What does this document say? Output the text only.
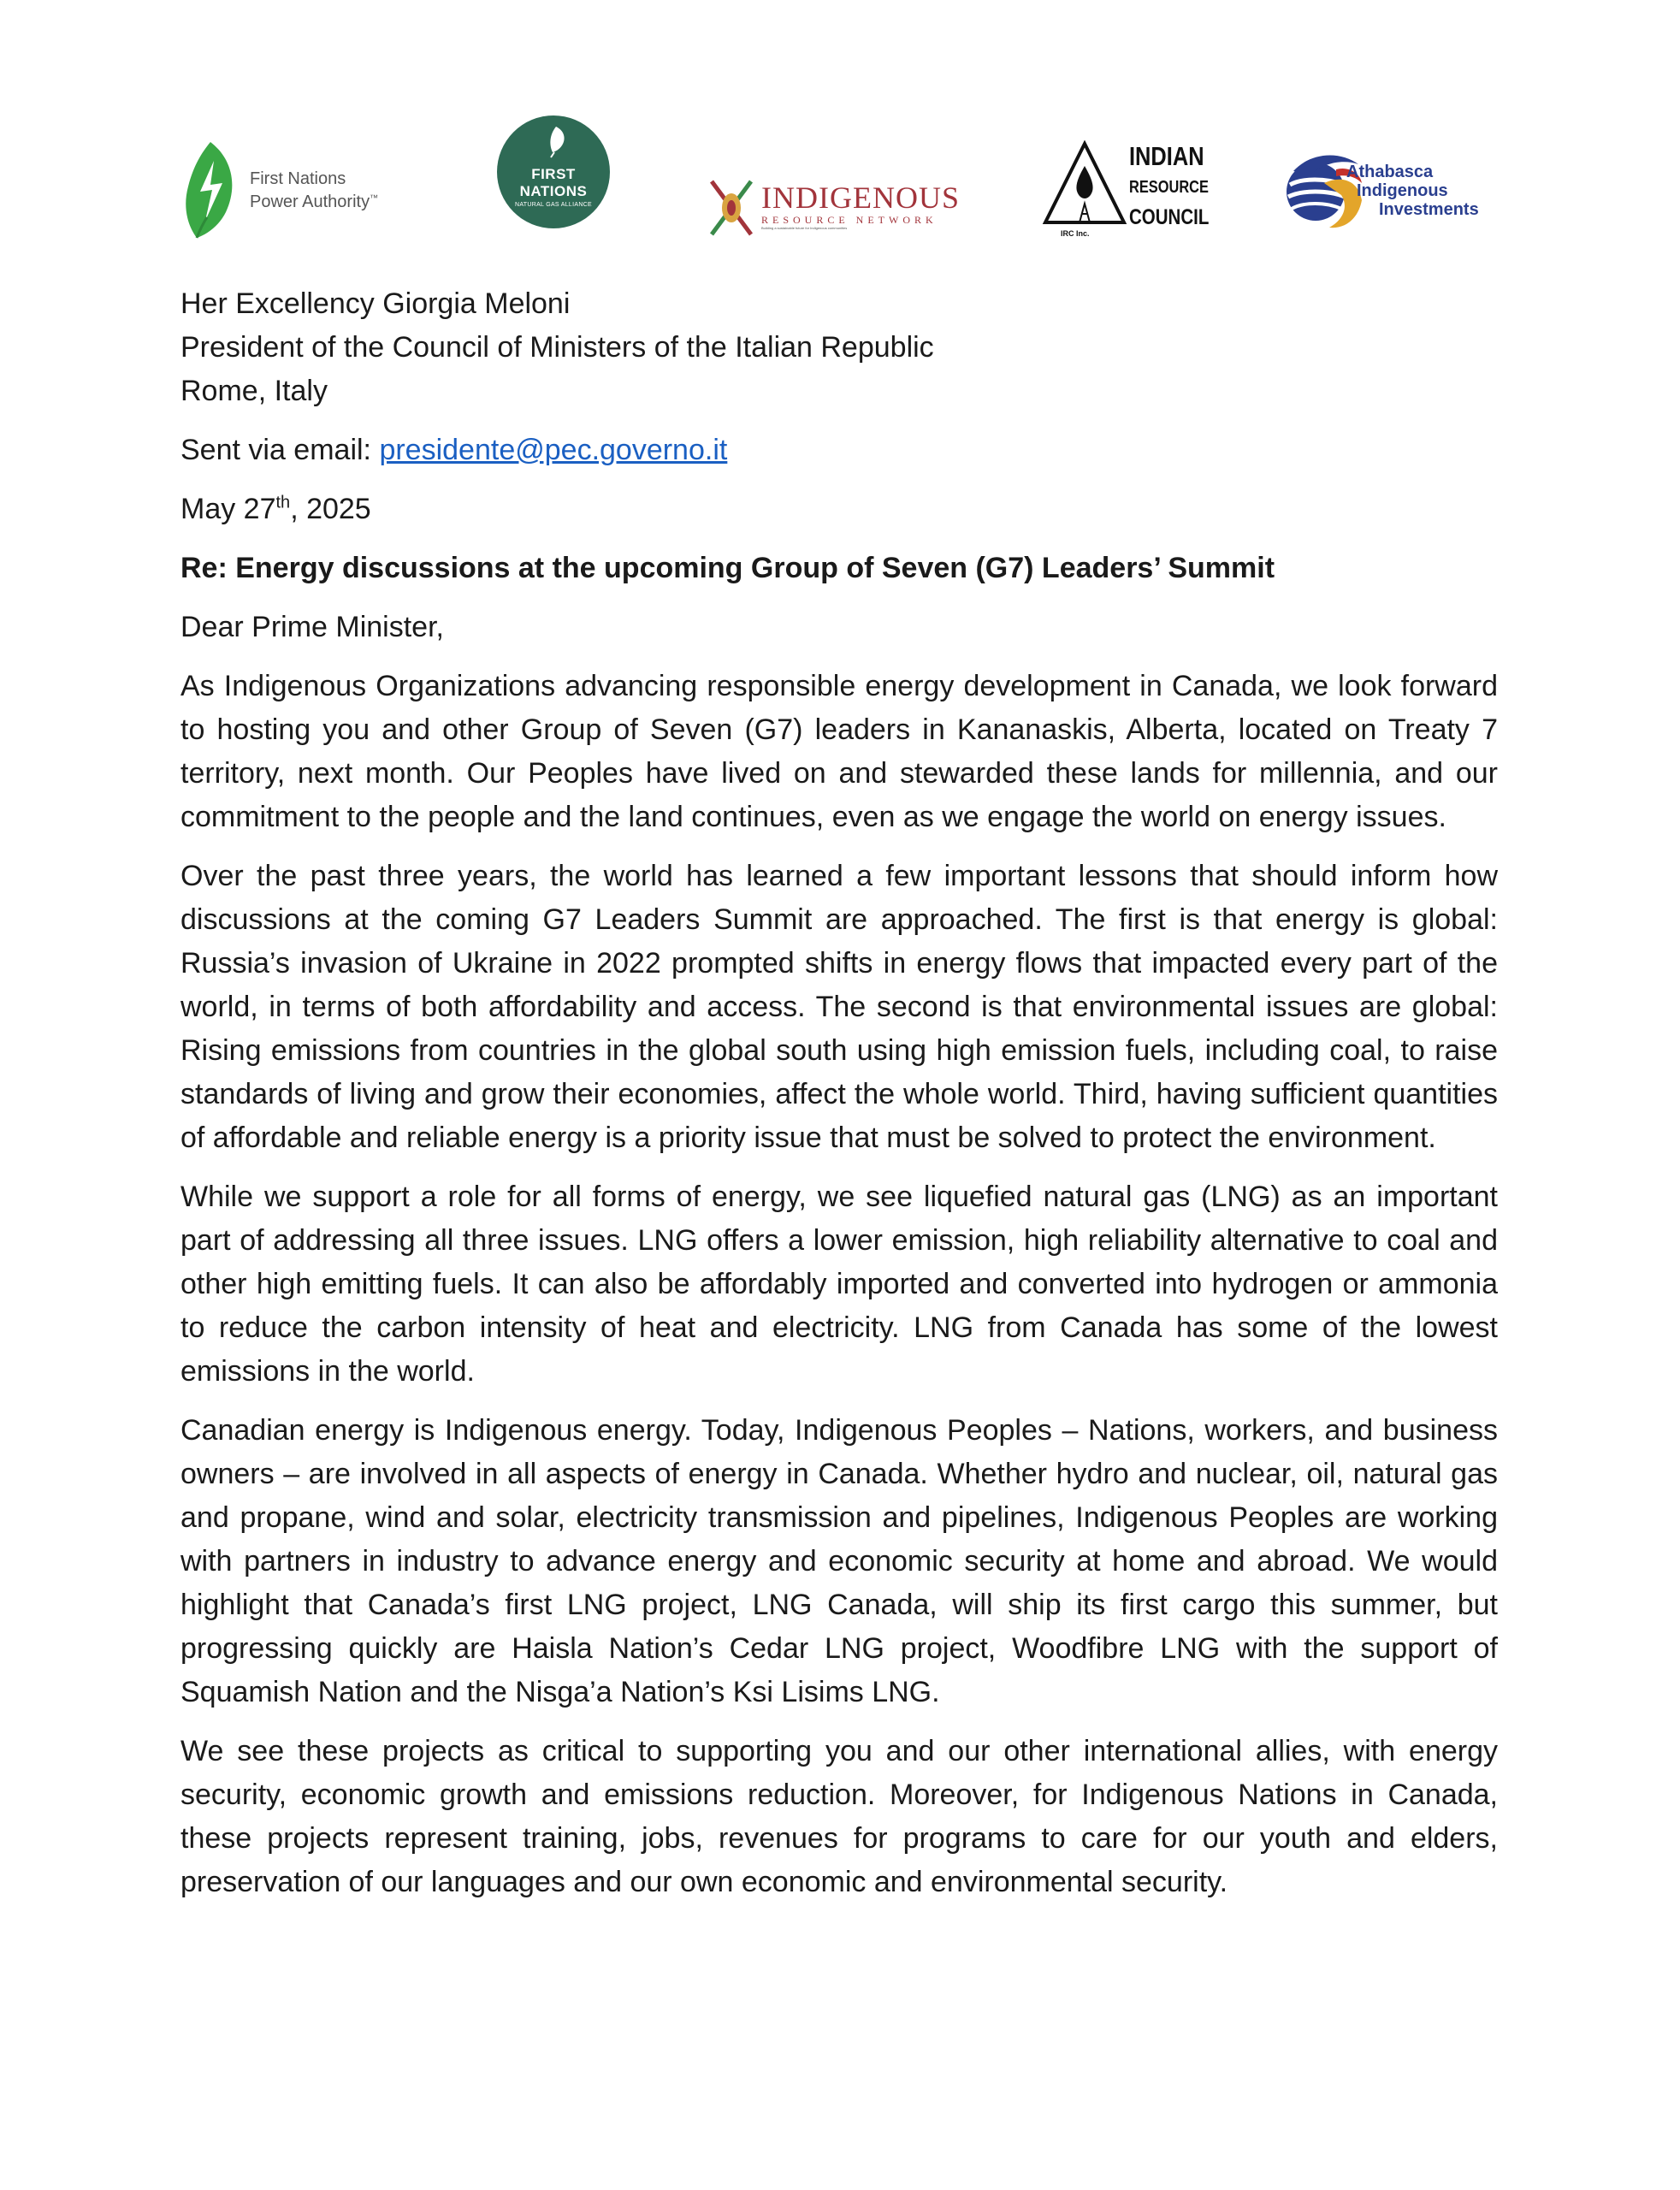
First Nations
Power Authority™
FIRST NATIONS
NATURAL GAS ALLIANCE	INDIGENOUS
RESOURCE NETWORK
Building a sustainable future for Indigenous communities
IRC Inc.
INDIAN
RESOURCE
COUNCIL
Athabasca
Indigenous
Investments

Her Excellency Giorgia Meloni

President of the Council of Ministers of the Italian Republic

Rome, Italy

Sent via email: presidente@pec.governo.it

May 27th, 2025

Re: Energy discussions at the upcoming Group of Seven (G7) Leaders’ Summit

Dear Prime Minister,

As Indigenous Organizations advancing responsible energy development in Canada, we look forward to hosting you and other Group of Seven (G7) leaders in Kananaskis, Alberta, located on Treaty 7 territory, next month. Our Peoples have lived on and stewarded these lands for millennia, and our commitment to the people and the land continues, even as we engage the world on energy issues.

Over the past three years, the world has learned a few important lessons that should inform how discussions at the coming G7 Leaders Summit are approached. The first is that energy is global: Russia’s invasion of Ukraine in 2022 prompted shifts in energy flows that impacted every part of the world, in terms of both affordability and access. The second is that environmental issues are global: Rising emissions from countries in the global south using high emission fuels, including coal, to raise standards of living and grow their economies, affect the whole world. Third, having sufficient quantities of affordable and reliable energy is a priority issue that must be solved to protect the environment.

While we support a role for all forms of energy, we see liquefied natural gas (LNG) as an important part of addressing all three issues. LNG offers a lower emission, high reliability alternative to coal and other high emitting fuels. It can also be affordably imported and converted into hydrogen or ammonia to reduce the carbon intensity of heat and electricity. LNG from Canada has some of the lowest emissions in the world.

Canadian energy is Indigenous energy. Today, Indigenous Peoples – Nations, workers, and business owners – are involved in all aspects of energy in Canada. Whether hydro and nuclear, oil, natural gas and propane, wind and solar, electricity transmission and pipelines, Indigenous Peoples are working with partners in industry to advance energy and economic security at home and abroad. We would highlight that Canada’s first LNG project, LNG Canada, will ship its first cargo this summer, but progressing quickly are Haisla Nation’s Cedar LNG project, Woodfibre LNG with the support of Squamish Nation and the Nisga’a Nation’s Ksi Lisims LNG.

We see these projects as critical to supporting you and our other international allies, with energy security, economic growth and emissions reduction. Moreover, for Indigenous Nations in Canada, these projects represent training, jobs, revenues for programs to care for our youth and elders, preservation of our languages and our own economic and environmental security.
